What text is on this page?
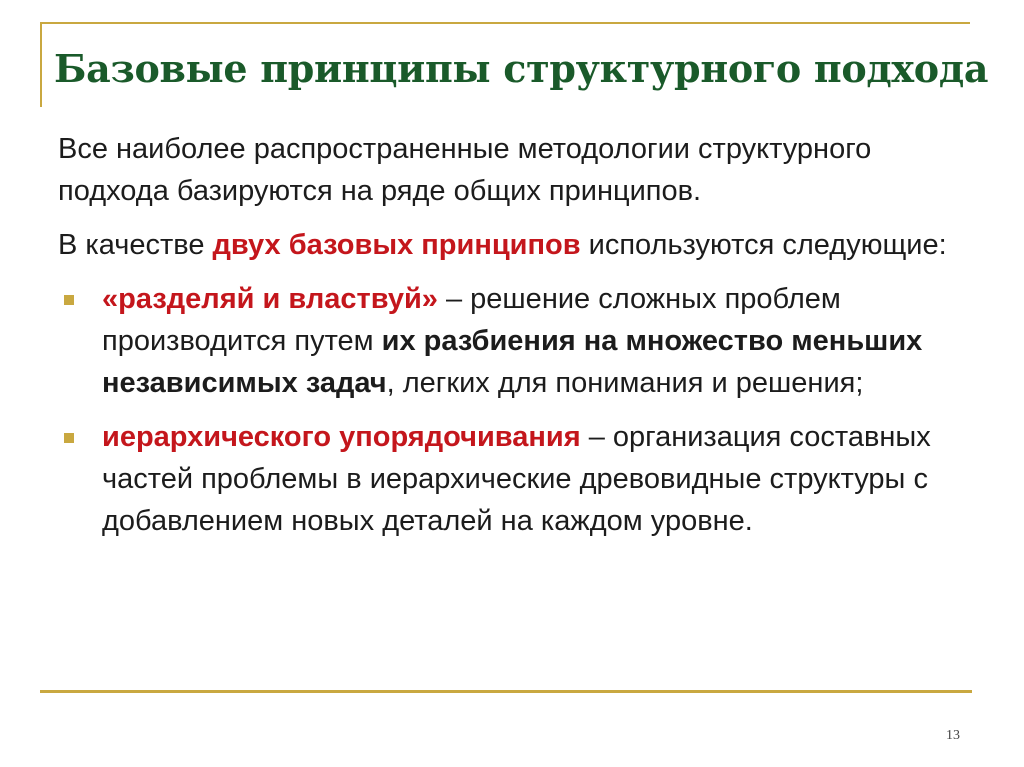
Базовые принципы структурного подхода

Все наиболее распространенные методологии структурного подхода базируются на ряде общих принципов.

В качестве двух базовых принципов используются следующие:

«разделяй и властвуй» – решение сложных проблем производится путем их разбиения на множество меньших независимых задач, легких для понимания и решения;
иерархического упорядочивания – организация составных частей проблемы в иерархические древовидные структуры с добавлением новых деталей на каждом уровне.
13
